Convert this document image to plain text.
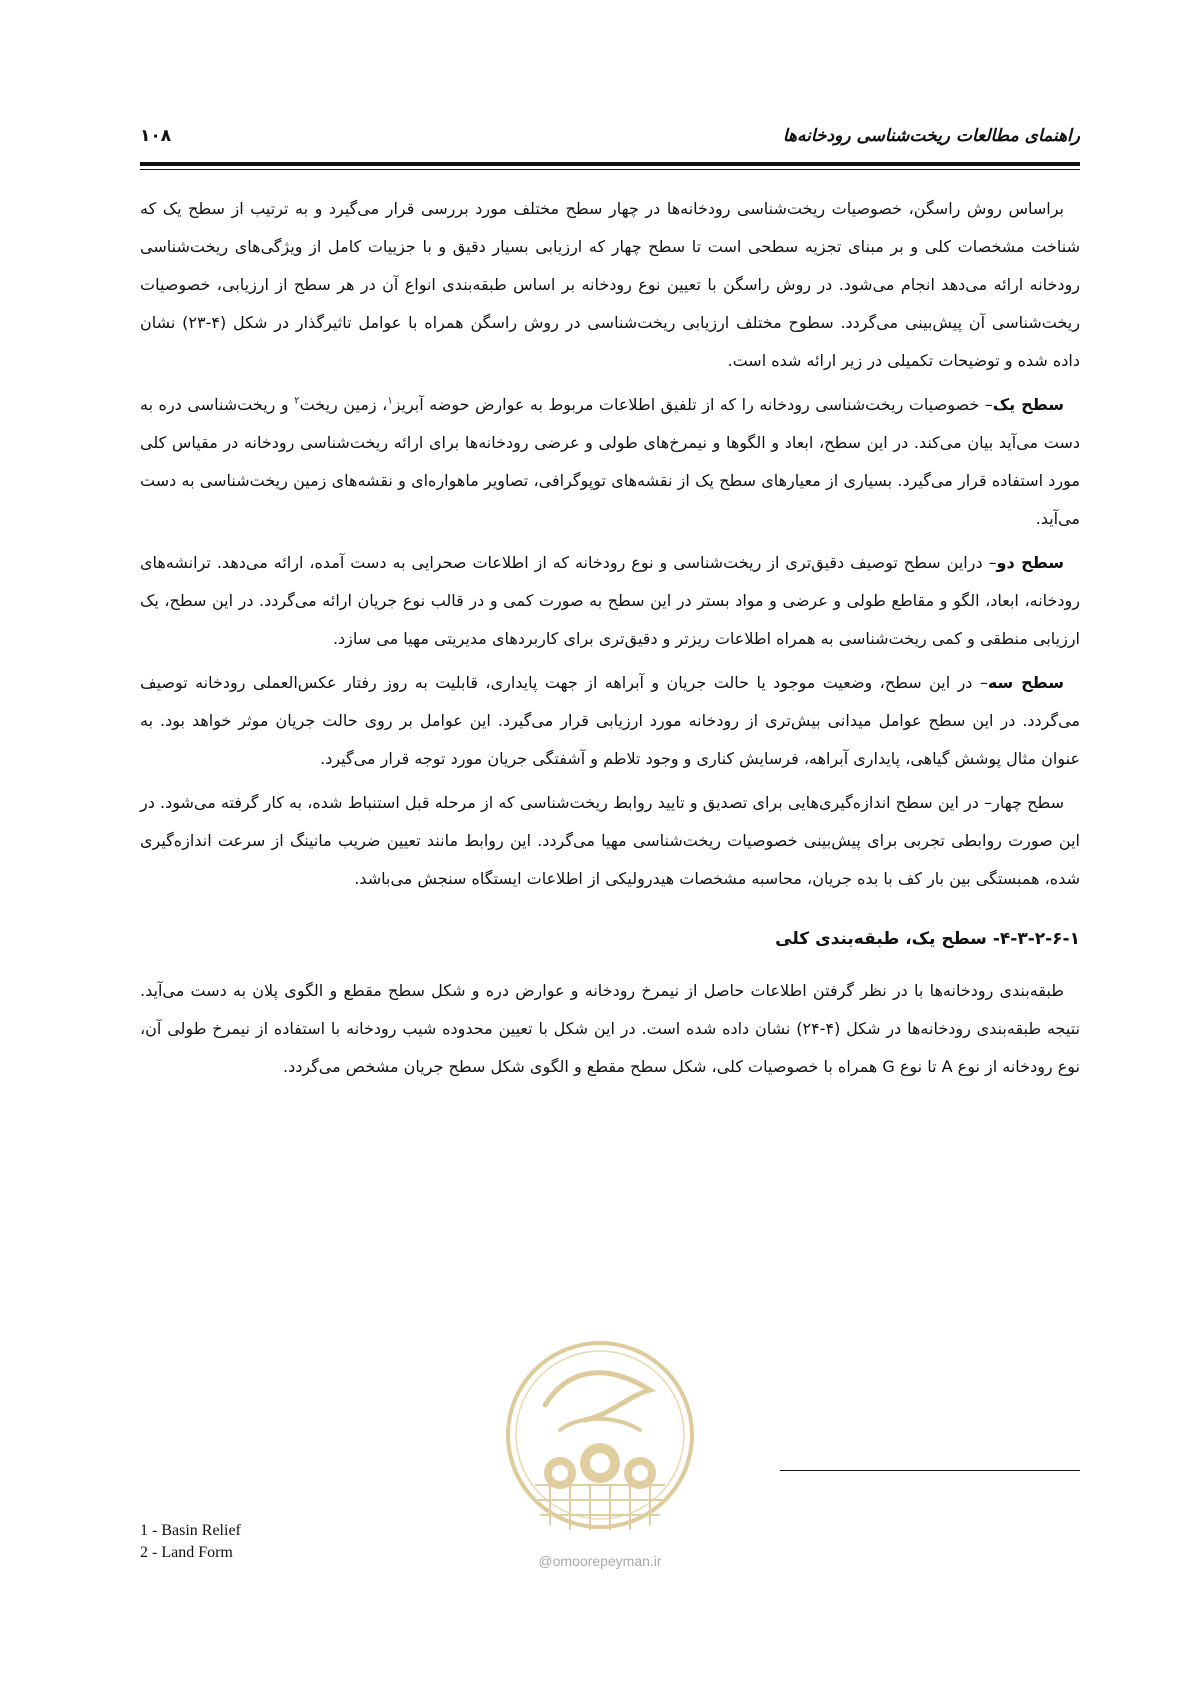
راهنمای مطالعات ریخت‌شناسی رودخانه‌ها
۱۰۸

براساس روش راسگن، خصوصیات ریخت‌شناسی رودخانه‌ها در چهار سطح مختلف مورد بررسی قرار می‌گیرد و به ترتیب از سطح یک که شناخت مشخصات کلی و بر مبنای تجزیه سطحی است تا سطح چهار که ارزیابی بسیار دقیق و با جزییات کامل از ویژگی‌های ریخت‌شناسی رودخانه ارائه می‌دهد انجام می‌شود. در روش راسگن با تعیین نوع رودخانه بر اساس طبقه‌بندی انواع آن در هر سطح از ارزیابی، خصوصیات ریخت‌شناسی آن پیش‌بینی می‌گردد. سطوح مختلف ارزیابی ریخت‌شناسی در روش راسگن همراه با عوامل تاثیرگذار در شکل (۴-۲۳) نشان داده شده و توضیحات تکمیلی در زیر ارائه شده است.

سطح یک– خصوصیات ریخت‌شناسی رودخانه را که از تلفیق اطلاعات مربوط به عوارض حوضه آبریز$^۱$، زمین ریخت$^۲$ و ریخت‌شناسی دره به دست می‌آید بیان می‌کند. در این سطح، ابعاد و الگوها و نیمرخ‌های طولی و عرضی رودخانه‌ها برای ارائه ریخت‌شناسی رودخانه در مقیاس کلی مورد استفاده قرار می‌گیرد. بسیاری از معیارهای سطح یک از نقشه‌های توپوگرافی، تصاویر ماهواره‌ای و نقشه‌های زمین ریخت‌شناسی به دست می‌آید.

سطح دو– دراین سطح توصیف دقیق‌تری از ریخت‌شناسی و نوع رودخانه که از اطلاعات صحرایی به دست آمده، ارائه می‌دهد. ترانشه‌های رودخانه، ابعاد، الگو و مقاطع طولی و عرضی و مواد بستر در این سطح به صورت کمی و در قالب نوع جریان ارائه می‌گردد. در این سطح، یک ارزیابی منطقی و کمی ریخت‌شناسی به همراه اطلاعات ریزتر و دقیق‌تری برای کاربردهای مدیریتی مهیا می سازد.

سطح سه– در این سطح، وضعیت موجود یا حالت جریان و آبراهه از جهت پایداری، قابلیت به روز رفتار عکس‌العملی رودخانه توصیف می‌گردد. در این سطح عوامل میدانی بیش‌تری از رودخانه مورد ارزیابی قرار می‌گیرد. این عوامل بر روی حالت جریان موثر خواهد بود. به عنوان مثال پوشش گیاهی، پایداری آبراهه، فرسایش کناری و وجود تلاطم و آشفتگی جریان مورد توجه قرار می‌گیرد.

سطح چهار– در این سطح اندازه‌گیری‌هایی برای تصدیق و تایید روابط ریخت‌شناسی که از مرحله قبل استنباط شده، به کار گرفته می‌شود. در این صورت روابطی تجربی برای پیش‌بینی خصوصیات ریخت‌شناسی مهیا می‌گردد. این روابط مانند تعیین ضریب مانینگ از سرعت اندازه‌گیری شده، همبستگی بین بار کف با بده جریان، محاسبه مشخصات هیدرولیکی از اطلاعات ایستگاه سنجش می‌باشد.

۴-۳-۲-۶-۱- سطح یک، طبقه‌بندی کلی

طبقه‌بندی رودخانه‌ها با در نظر گرفتن اطلاعات حاصل از نیمرخ رودخانه و عوارض دره و شکل سطح مقطع و الگوی پلان به دست می‌آید. نتیجه طبقه‌بندی رودخانه‌ها در شکل (۴-۲۴) نشان داده شده است. در این شکل با تعیین محدوده شیب رودخانه با استفاده از نیمرخ طولی آن، نوع رودخانه از نوع A تا نوع G همراه با خصوصیات کلی، شکل سطح مقطع و الگوی شکل سطح جریان مشخص می‌گردد.

@omoorepeyman.ir
1 - Basin Relief
2 - Land Form
